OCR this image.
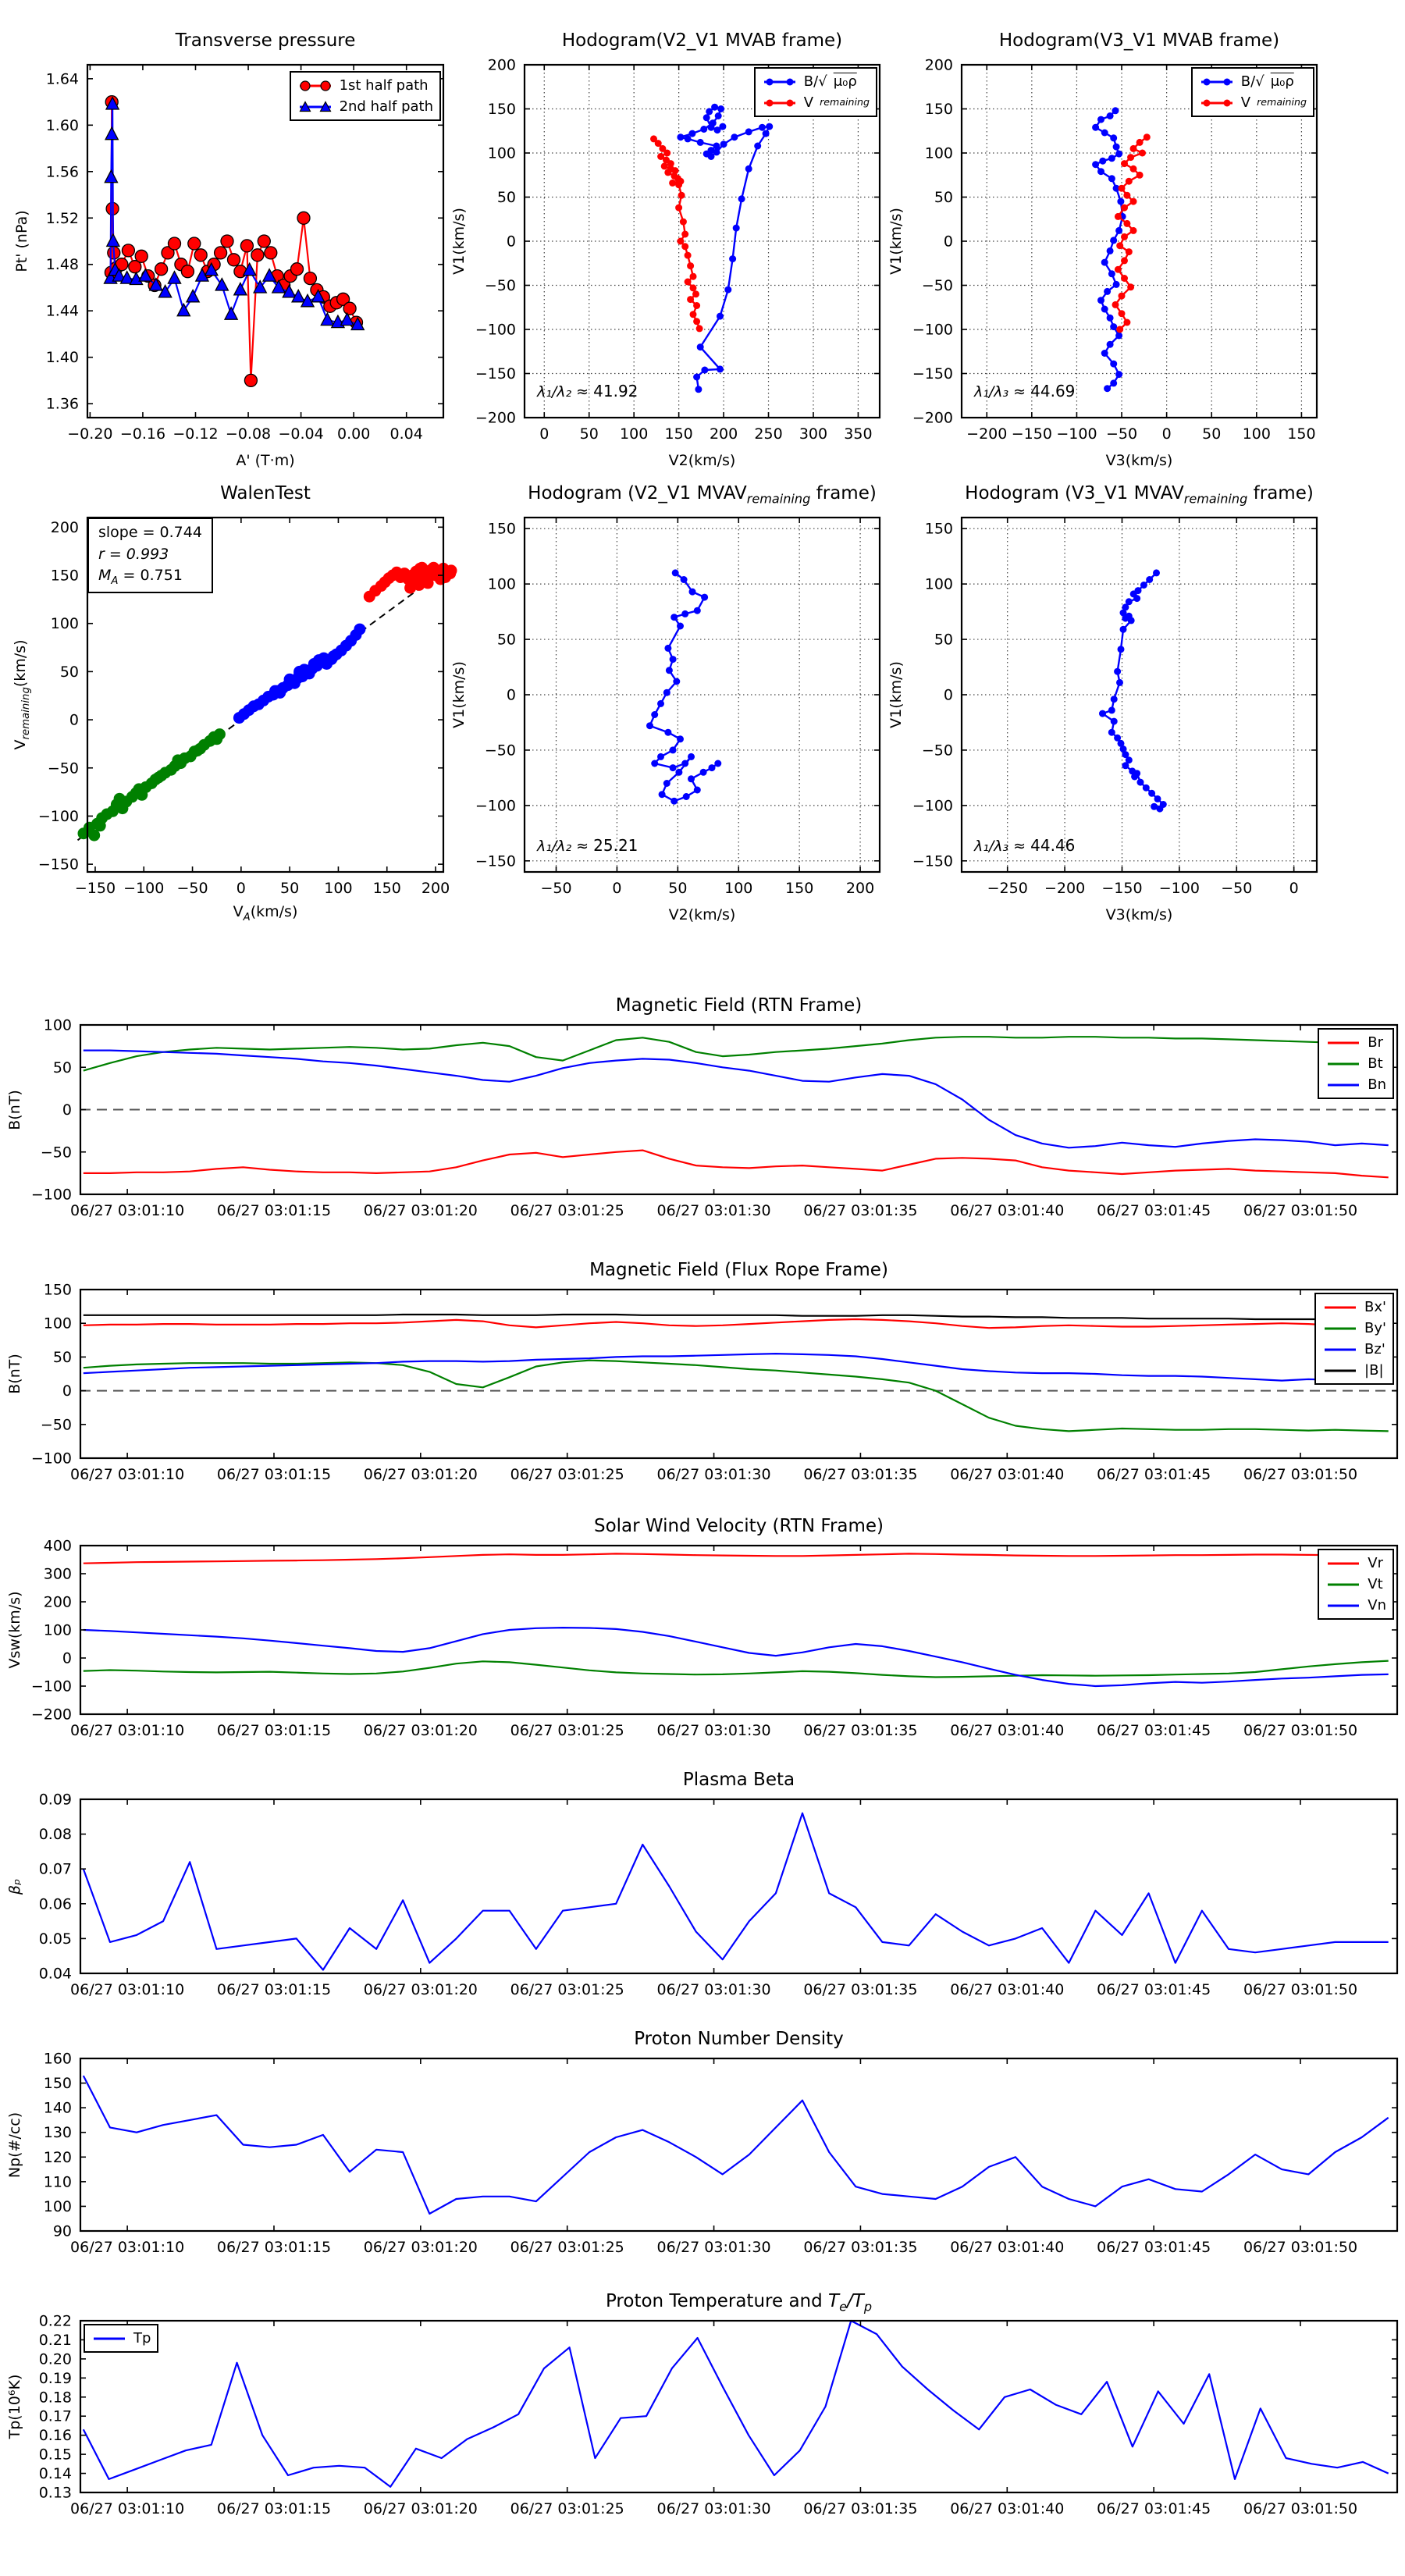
−0.20 −0.16 −0.12 −0.08 −0.04 0.00 0.04
1.36
1.40
1.44
1.48
1.52
1.56
1.60
1.64
Transverse pressure
Pt' (nPa)
A' (T·m)
1st half path
2nd half path
0 50 100 150 200 250 300 350
−200
−150
−100
−50
0
50
100
150
200
Hodogram(V2_V1 MVAB frame)
V1(km/s)
V2(km/s)
B/√ μ₀ρ
V remaining
λ₁/λ₂ ≈ 41.92
−200 −150 −100 −50 0 50 100 150
−200
−150
−100
−50
0
50
100
150
200
Hodogram(V3_V1 MVAB frame)
V1(km/s)
V3(km/s)
B/√ μ₀ρ
V remaining
λ₁/λ₃ ≈ 44.69
−150 −100 −50 0 50 100 150 200
−150
−100
−50
0
50
100
150
200
WalenTest
$V_{remaining}(km/s)$
$V_A(km/s)$
slope = 0.744
r = 0.993
$M_A = 0.751$
−50	0	50	100 150 200
−150
−100
−50
0
50
100
150
Hodogram (V2_V1 $MVAV_{remaining}$ frame)
V1(km/s)
V2(km/s)
λ₁/λ₂ ≈ 25.21
−250 −200 −150 −100 −50 0
−150
−100
−50
0
50
100
150
Hodogram (V3_V1 $MVAV_{remaining}$ frame)
V1(km/s)
V3(km/s)
λ₁/λ₃ ≈ 44.46
06/27 03:01:10 06/27 03:01:15 06/27 03:01:20 06/27 03:01:25 06/27 03:01:30 06/27 03:01:35 06/27 03:01:40 06/27 03:01:45 06/27 03:01:50
−100
−50
0
50
100
Magnetic Field (RTN Frame)
B(nT)
Br
Bt
Bn
06/27 03:01:10 06/27 03:01:15 06/27 03:01:20 06/27 03:01:25 06/27 03:01:30 06/27 03:01:35 06/27 03:01:40 06/27 03:01:45 06/27 03:01:50
−100
−50
0
50
100
150
Magnetic Field (Flux Rope Frame)
B(nT)
Bx'
By'
Bz'
|B|
06/27 03:01:10 06/27 03:01:15 06/27 03:01:20 06/27 03:01:25 06/27 03:01:30 06/27 03:01:35 06/27 03:01:40 06/27 03:01:45 06/27 03:01:50
−200
−100
0
100
200
300
400
Solar Wind Velocity (RTN Frame)
Vsw(km/s)
Vr
Vt
Vn
06/27 03:01:10 06/27 03:01:15 06/27 03:01:20 06/27 03:01:25 06/27 03:01:30 06/27 03:01:35 06/27 03:01:40 06/27 03:01:45 06/27 03:01:50
0.04
0.05
0.06
0.07
0.08
0.09
Plasma Beta
βₚ
06/27 03:01:10 06/27 03:01:15 06/27 03:01:20 06/27 03:01:25 06/27 03:01:30 06/27 03:01:35 06/27 03:01:40 06/27 03:01:45 06/27 03:01:50
90
100
110
120
130
140
150
160
Proton Number Density
Np(#/cc)
06/27 03:01:10 06/27 03:01:15 06/27 03:01:20 06/27 03:01:25 06/27 03:01:30 06/27 03:01:35 06/27 03:01:40 06/27 03:01:45 06/27 03:01:50
0.13
0.14
0.15
0.16
0.17
0.18
0.19
0.20
0.21
0.22
Proton Temperature and $T_e/T_p$
Tp(10⁶K)
Tp
